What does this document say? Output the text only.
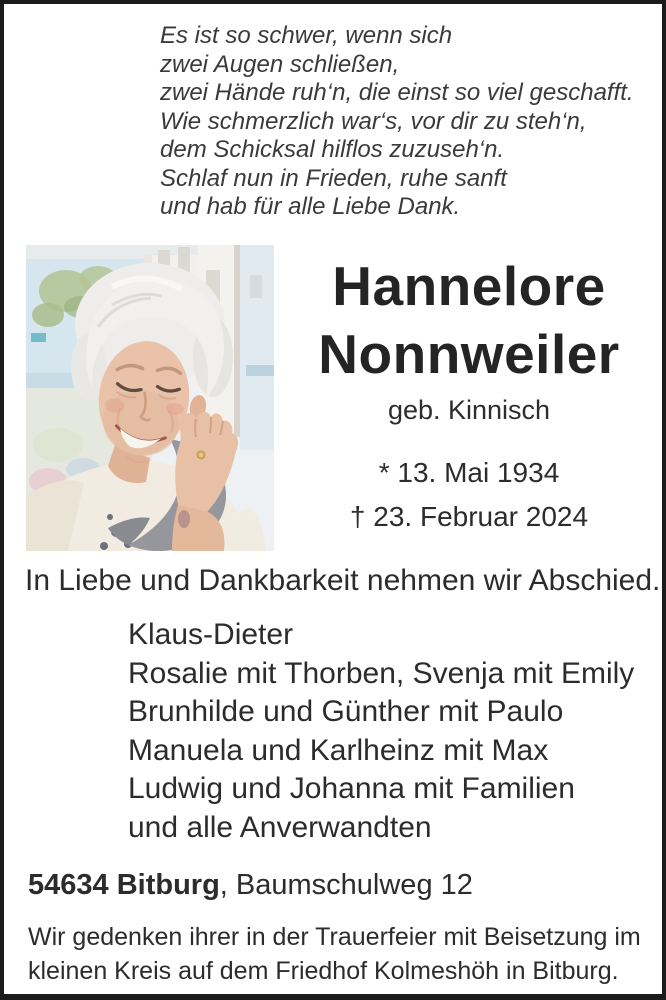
Es ist so schwer, wenn sich
zwei Augen schließen,
zwei Hände ruh‘n, die einst so viel geschafft.
Wie schmerzlich war‘s, vor dir zu steh‘n,
dem Schicksal hilflos zuzuseh‘n.
Schlaf nun in Frieden, ruhe sanft
und hab für alle Liebe Dank.
Hannelore
Nonnweiler
geb. Kinnisch
* 13. Mai 1934
† 23. Februar 2024
In Liebe und Dankbarkeit nehmen wir Abschied.
Klaus-Dieter
Rosalie mit Thorben, Svenja mit Emily
Brunhilde und Günther mit Paulo
Manuela und Karlheinz mit Max
Ludwig und Johanna mit Familien
und alle Anverwandten
54634 Bitburg, Baumschulweg 12
Wir gedenken ihrer in der Trauerfeier mit Beisetzung im
kleinen Kreis auf dem Friedhof Kolmeshöh in Bitburg.
